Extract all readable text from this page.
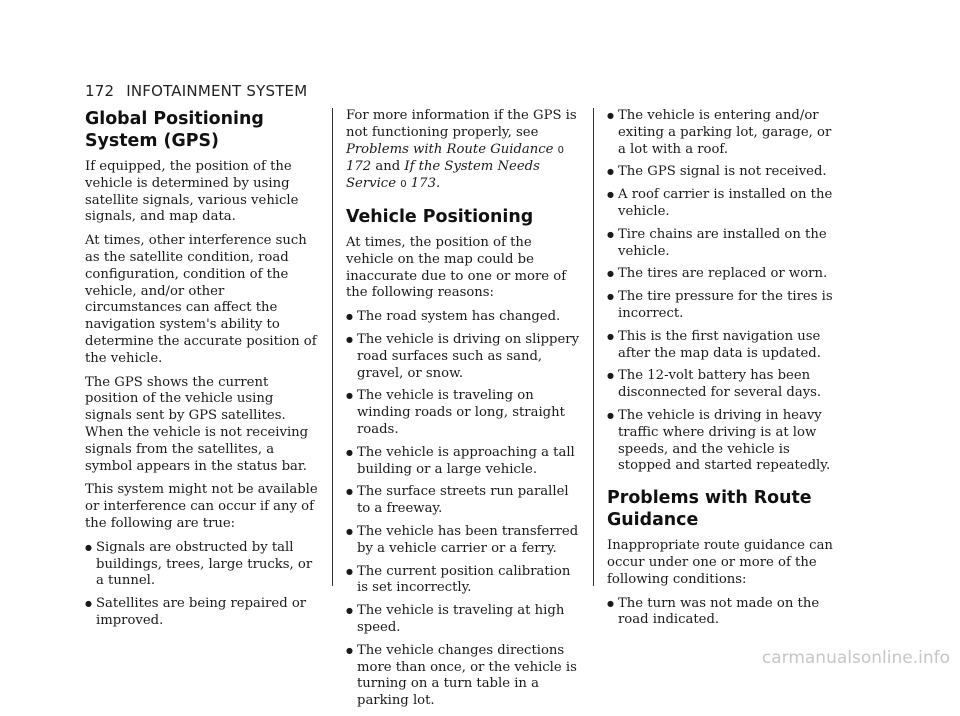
172 INFOTAINMENT SYSTEM
Global Positioning
System (GPS)

If equipped, the position of the vehicle is determined by using satellite signals, various vehicle signals, and map data.

At times, other interference such as the satellite condition, road configuration, condition of the vehicle, and/or other circumstances can affect the navigation system's ability to determine the accurate position of the vehicle.

The GPS shows the current position of the vehicle using signals sent by GPS satellites. When the vehicle is not receiving signals from the satellites, a symbol appears in the status bar.

This system might not be available or interference can occur if any of the following are true:

● Signals are obstructed by tall buildings, trees, large trucks, or a tunnel.
● Satellites are being repaired or improved.

For more information if the GPS is not functioning properly, see Problems with Route Guidance 0 172 and If the System Needs Service 0 173.

Vehicle Positioning

At times, the position of the vehicle on the map could be inaccurate due to one or more of the following reasons:

● The road system has changed.
● The vehicle is driving on slippery road surfaces such as sand, gravel, or snow.
● The vehicle is traveling on winding roads or long, straight roads.
● The vehicle is approaching a tall building or a large vehicle.
● The surface streets run parallel to a freeway.
● The vehicle has been transferred by a vehicle carrier or a ferry.
● The current position calibration is set incorrectly.
● The vehicle is traveling at high speed.
● The vehicle changes directions more than once, or the vehicle is turning on a turn table in a parking lot.
● The vehicle is entering and/or exiting a parking lot, garage, or a lot with a roof.
● The GPS signal is not received.
● A roof carrier is installed on the vehicle.
● Tire chains are installed on the vehicle.
● The tires are replaced or worn.
● The tire pressure for the tires is incorrect.
● This is the first navigation use after the map data is updated.
● The 12-volt battery has been disconnected for several days.
● The vehicle is driving in heavy traffic where driving is at low speeds, and the vehicle is stopped and started repeatedly.
Problems with Route
Guidance

Inappropriate route guidance can occur under one or more of the following conditions:

● The turn was not made on the road indicated.
carmanualsonline.info
